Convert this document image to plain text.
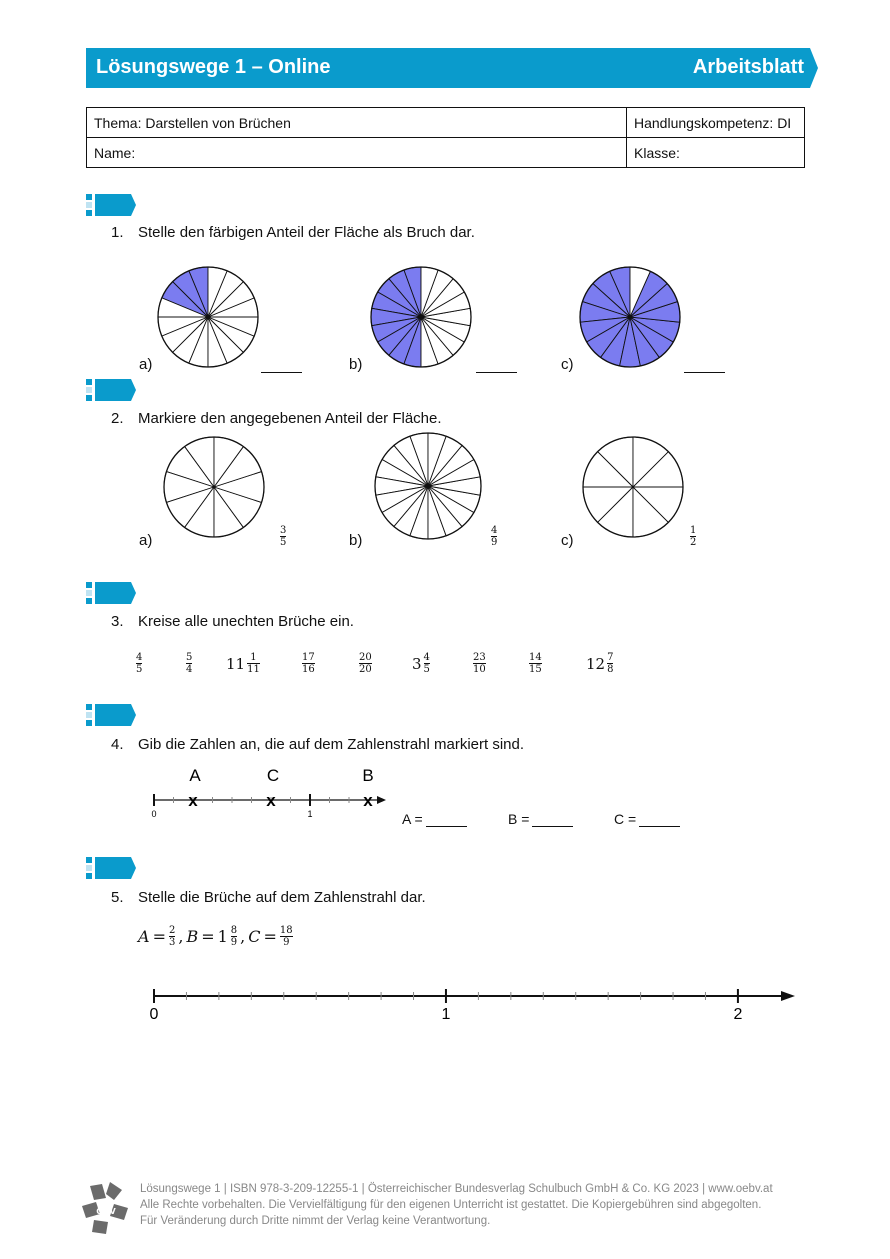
Lösungswege 1 – Online	Arbeitsblatt
Thema: Darstellen von Brüchen	Handlungskompetenz: DI
Name:	Klasse:
1. Stelle den färbigen Anteil der Fläche als Bruch dar.
a)	b)	c)
2. Markiere den angegebenen Anteil der Fläche.
a)	b)	c)
3
5
4
9
1
2
3. Kreise alle unechten Brüche ein.
4
5
5
4 $11 \frac{1}{11}$	17
16
20
20	$3 \frac{4}{5}$	23
10
14
15	$12 \frac{7}{8}$
4. Gib die Zahlen an, die auf dem Zahlenstrahl markiert sind.
A	C	B
x	x	x
0	1	A =	B =	C =
5. Stelle die Brüche auf dem Zahlenstrahl dar.
$A = \frac{2}{3}$ , $B = 1 \frac{8}{9}$ , $C = \frac{18}{9}$
0	1	2
öbv
Lösungswege 1 | ISBN 978-3-209-12255-1 | Österreichischer Bundesverlag Schulbuch GmbH & Co. KG 2023 | www.oebv.at
Alle Rechte vorbehalten. Die Vervielfältigung für den eigenen Unterricht ist gestattet. Die Kopiergebühren sind abgegolten.
Für Veränderung durch Dritte nimmt der Verlag keine Verantwortung.
